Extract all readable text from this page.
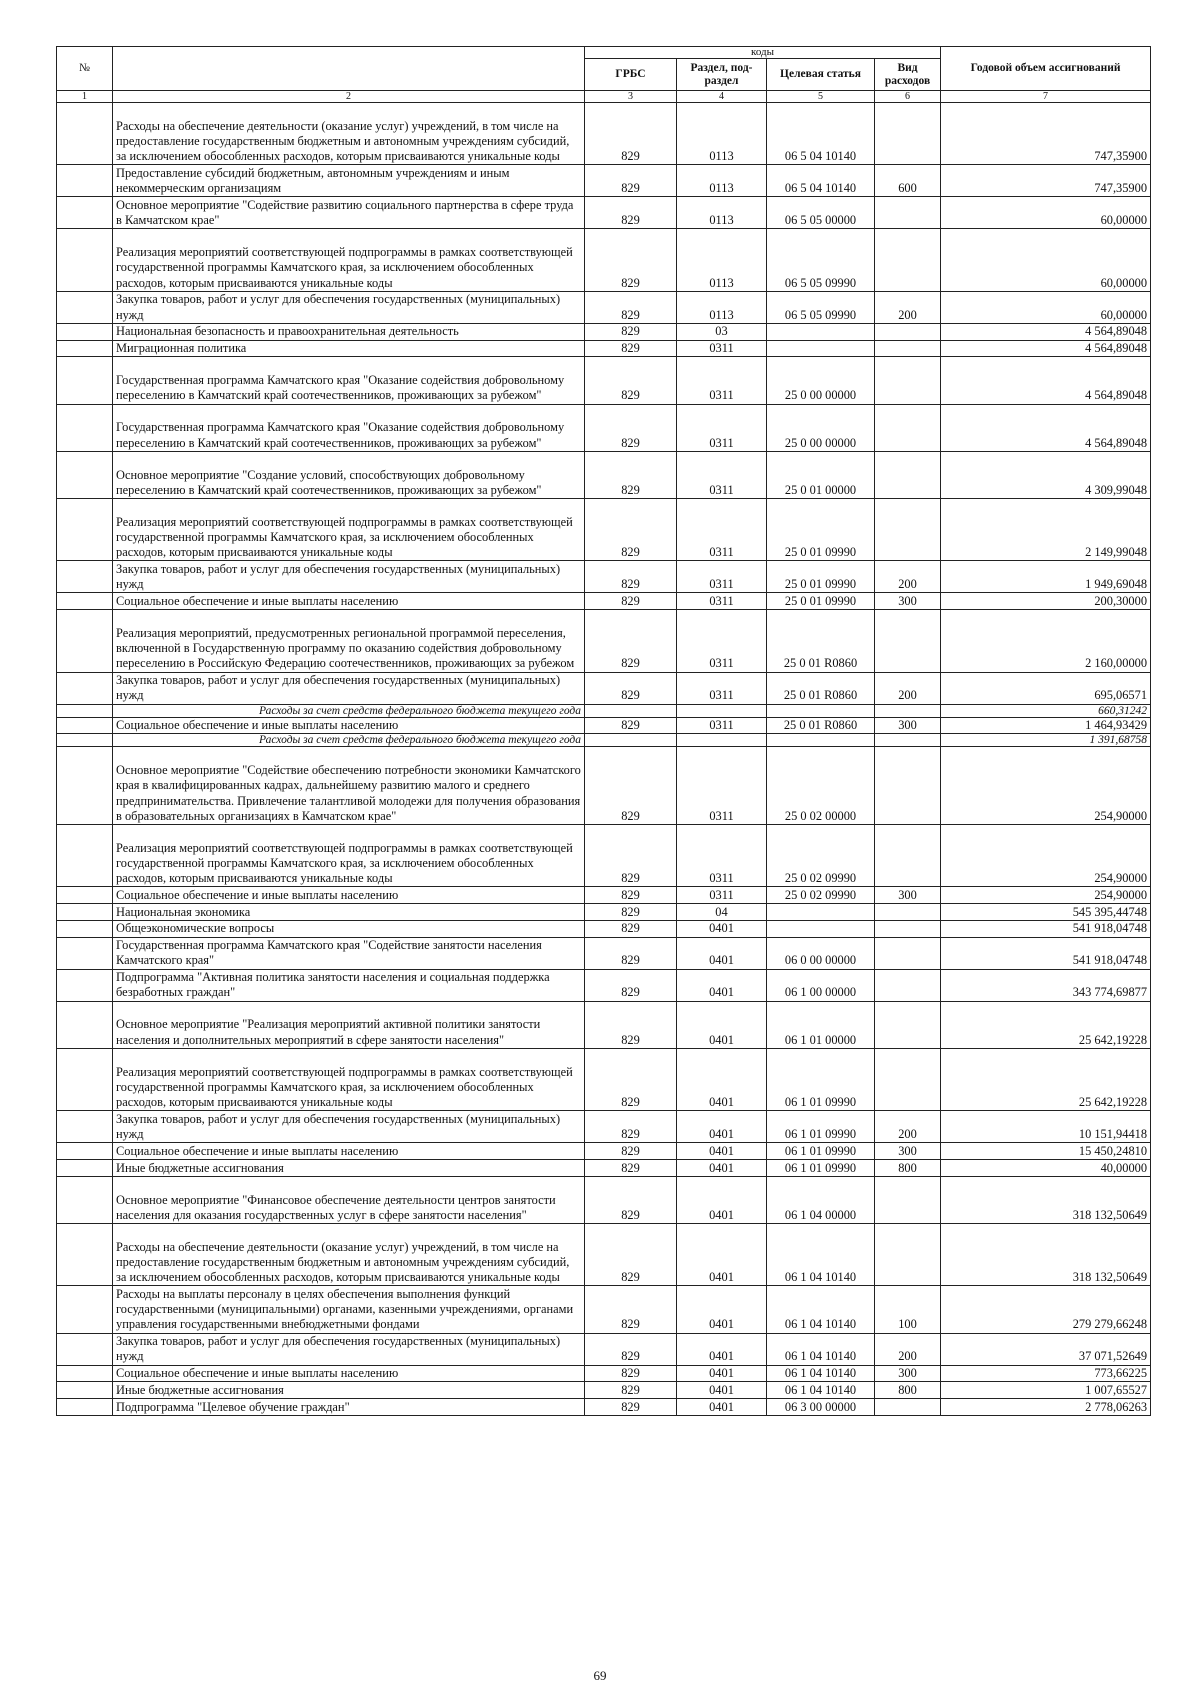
№		коды				Годовой объем ассигнований
		ГРБС	Раздел, под-раздел	Целевая статья	Вид расходов	
1	2	3	4	5	6	7
	Расходы на обеспечение деятельности (оказание услуг) учреждений, в том числе на предоставление государственным бюджетным и автономным учреждениям субсидий, за исключением обособленных расходов, которым присваиваются уникальные коды	829	0113	06 5 04 10140		747,35900
	Предоставление субсидий бюджетным, автономным учреждениям и иным некоммерческим организациям	829	0113	06 5 04 10140	600	747,35900
	Основное мероприятие "Содействие развитию социального партнерства в сфере труда в Камчатском крае"	829	0113	06 5 05 00000		60,00000
	Реализация мероприятий соответствующей подпрограммы в рамках соответствующей государственной программы Камчатского края, за исключением обособленных расходов, которым присваиваются уникальные коды	829	0113	06 5 05 09990		60,00000
	Закупка товаров, работ и услуг для обеспечения государственных (муниципальных) нужд	829	0113	06 5 05 09990	200	60,00000
	Национальная безопасность и правоохранительная деятельность	829	03			4 564,89048
	Миграционная политика	829	0311			4 564,89048
	Государственная программа Камчатского края "Оказание содействия добровольному переселению в Камчатский край соотечественников, проживающих за рубежом"	829	0311	25 0 00 00000		4 564,89048
	Государственная программа Камчатского края "Оказание содействия добровольному переселению в Камчатский край соотечественников, проживающих за рубежом"	829	0311	25 0 00 00000		4 564,89048
	Основное мероприятие "Создание условий, способствующих добровольному переселению в Камчатский край соотечественников, проживающих за рубежом"	829	0311	25 0 01 00000		4 309,99048
	Реализация мероприятий соответствующей подпрограммы в рамках соответствующей государственной программы Камчатского края, за исключением обособленных расходов, которым присваиваются уникальные коды	829	0311	25 0 01 09990		2 149,99048
	Закупка товаров, работ и услуг для обеспечения государственных (муниципальных) нужд	829	0311	25 0 01 09990	200	1 949,69048
	Социальное обеспечение и иные выплаты населению	829	0311	25 0 01 09990	300	200,30000
	Реализация мероприятий, предусмотренных региональной программой переселения, включенной в Государственную программу по оказанию содействия добровольному переселению в Российскую Федерацию соотечественников, проживающих за рубежом	829	0311	25 0 01 R0860		2 160,00000
	Закупка товаров, работ и услуг для обеспечения государственных (муниципальных) нужд	829	0311	25 0 01 R0860	200	695,06571
	Расходы за счет средств федерального бюджета текущего года					660,31242
	Социальное обеспечение и иные выплаты населению	829	0311	25 0 01 R0860	300	1 464,93429
	Расходы за счет средств федерального бюджета текущего года					1 391,68758
	Основное мероприятие "Содействие обеспечению потребности экономики Камчатского края в квалифицированных кадрах, дальнейшему развитию малого и среднего предпринимательства. Привлечение талантливой молодежи для получения образования в образовательных организациях в Камчатском крае"	829	0311	25 0 02 00000		254,90000
	Реализация мероприятий соответствующей подпрограммы в рамках соответствующей государственной программы Камчатского края, за исключением обособленных расходов, которым присваиваются уникальные коды	829	0311	25 0 02 09990		254,90000
	Социальное обеспечение и иные выплаты населению	829	0311	25 0 02 09990	300	254,90000
	Национальная экономика	829	04			545 395,44748
	Общеэкономические вопросы	829	0401			541 918,04748
	Государственная программа Камчатского края "Содействие занятости населения Камчатского края"	829	0401	06 0 00 00000		541 918,04748
	Подпрограмма "Активная политика занятости населения и социальная поддержка безработных граждан"	829	0401	06 1 00 00000		343 774,69877
	Основное мероприятие "Реализация мероприятий активной политики занятости населения и дополнительных мероприятий в сфере занятости населения"	829	0401	06 1 01 00000		25 642,19228
	Реализация мероприятий соответствующей подпрограммы в рамках соответствующей государственной программы Камчатского края, за исключением обособленных расходов, которым присваиваются уникальные коды	829	0401	06 1 01 09990		25 642,19228
	Закупка товаров, работ и услуг для обеспечения государственных (муниципальных) нужд	829	0401	06 1 01 09990	200	10 151,94418
	Социальное обеспечение и иные выплаты населению	829	0401	06 1 01 09990	300	15 450,24810
	Иные бюджетные ассигнования	829	0401	06 1 01 09990	800	40,00000
	Основное мероприятие "Финансовое обеспечение деятельности центров занятости населения для оказания государственных услуг в сфере занятости населения"	829	0401	06 1 04 00000		318 132,50649
	Расходы на обеспечение деятельности (оказание услуг) учреждений, в том числе на предоставление государственным бюджетным и автономным учреждениям субсидий, за исключением обособленных расходов, которым присваиваются уникальные коды	829	0401	06 1 04 10140		318 132,50649
	Расходы на выплаты персоналу в целях обеспечения выполнения функций государственными (муниципальными) органами, казенными учреждениями, органами управления государственными внебюджетными фондами	829	0401	06 1 04 10140	100	279 279,66248
	Закупка товаров, работ и услуг для обеспечения государственных (муниципальных) нужд	829	0401	06 1 04 10140	200	37 071,52649
	Социальное обеспечение и иные выплаты населению	829	0401	06 1 04 10140	300	773,66225
	Иные бюджетные ассигнования	829	0401	06 1 04 10140	800	1 007,65527
	Подпрограмма "Целевое обучение граждан"	829	0401	06 3 00 00000		2 778,06263
69
